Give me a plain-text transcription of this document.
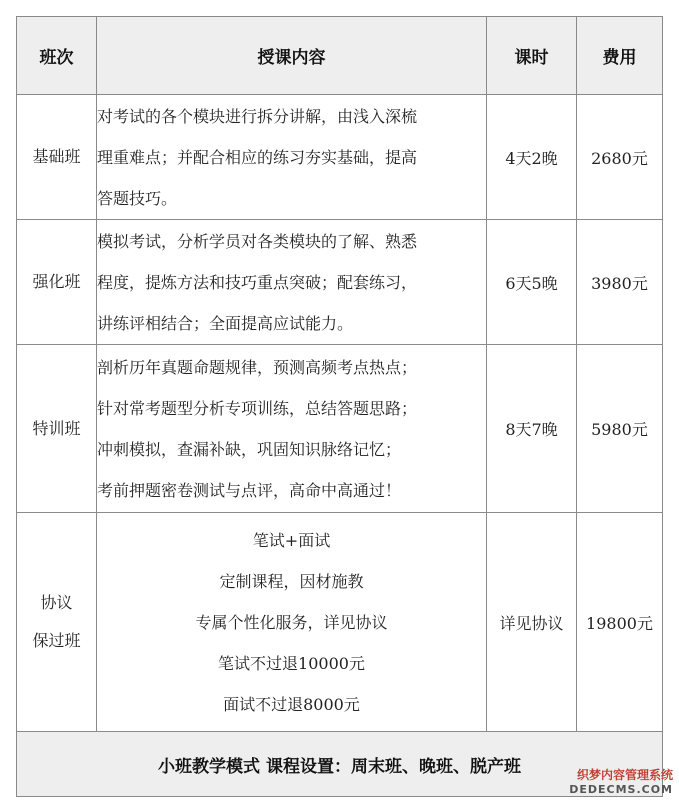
班次	授课内容	课时	费用

基础班	对考试的各个模块进行拆分讲解，由浅入深梳
理重难点；并配合相应的练习夯实基础，提高
答题技巧。	4天2晚	2680元

强化班	模拟考试，分析学员对各类模块的了解、熟悉
程度，提炼方法和技巧重点突破；配套练习，
讲练评相结合；全面提高应试能力。	6天5晚	3980元

特训班	剖析历年真题命题规律，预测高频考点热点；
针对常考题型分析专项训练，总结答题思路；
冲刺模拟，查漏补缺，巩固知识脉络记忆；
考前押题密卷测试与点评，高命中高通过！	8天7晚	5980元

协议
保过班	笔试+面试
定制课程，因材施教
专属个性化服务，详见协议
笔试不过退10000元
面试不过退8000元	详见协议	19800元
小班教学模式 课程设置：周末班、晚班、脱产班				织梦内容管理系统
DEDECMS.COM
